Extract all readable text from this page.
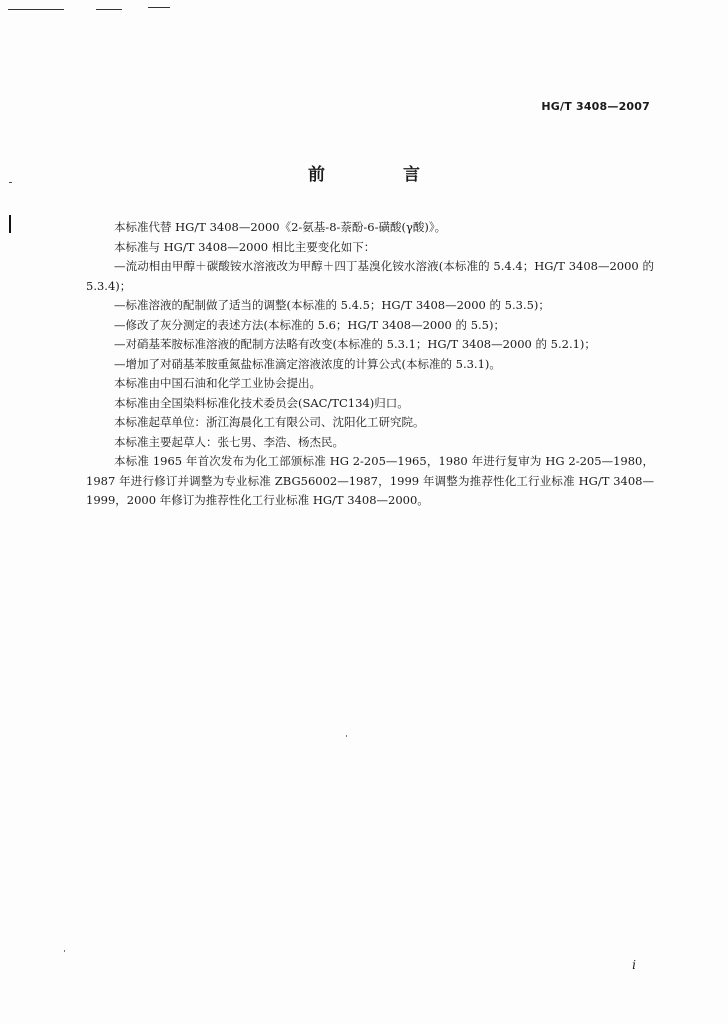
HG/T 3408—2007
前 言

本标准代替 HG/T 3408—2000《2-氨基-8-萘酚-6-磺酸(γ酸)》。

本标准与 HG/T 3408—2000 相比主要变化如下：

—流动相由甲醇＋碳酸铵水溶液改为甲醇＋四丁基溴化铵水溶液(本标准的 5.4.4；HG/T 3408—2000 的 5.3.4)；

—标准溶液的配制做了适当的调整(本标准的 5.4.5；HG/T 3408—2000 的 5.3.5)；

—修改了灰分测定的表述方法(本标准的 5.6；HG/T 3408—2000 的 5.5)；

—对硝基苯胺标准溶液的配制方法略有改变(本标准的 5.3.1；HG/T 3408—2000 的 5.2.1)；

—增加了对硝基苯胺重氮盐标准滴定溶液浓度的计算公式(本标准的 5.3.1)。

本标准由中国石油和化学工业协会提出。

本标准由全国染料标准化技术委员会(SAC/TC134)归口。

本标准起草单位：浙江海晨化工有限公司、沈阳化工研究院。

本标准主要起草人：张七男、李浩、杨杰民。

本标准 1965 年首次发布为化工部颁标准 HG 2-205—1965，1980 年进行复审为 HG 2-205—1980，1987 年进行修订并调整为专业标准 ZBG56002—1987，1999 年调整为推荐性化工行业标准 HG/T 3408—1999，2000 年修订为推荐性化工行业标准 HG/T 3408—2000。

i
